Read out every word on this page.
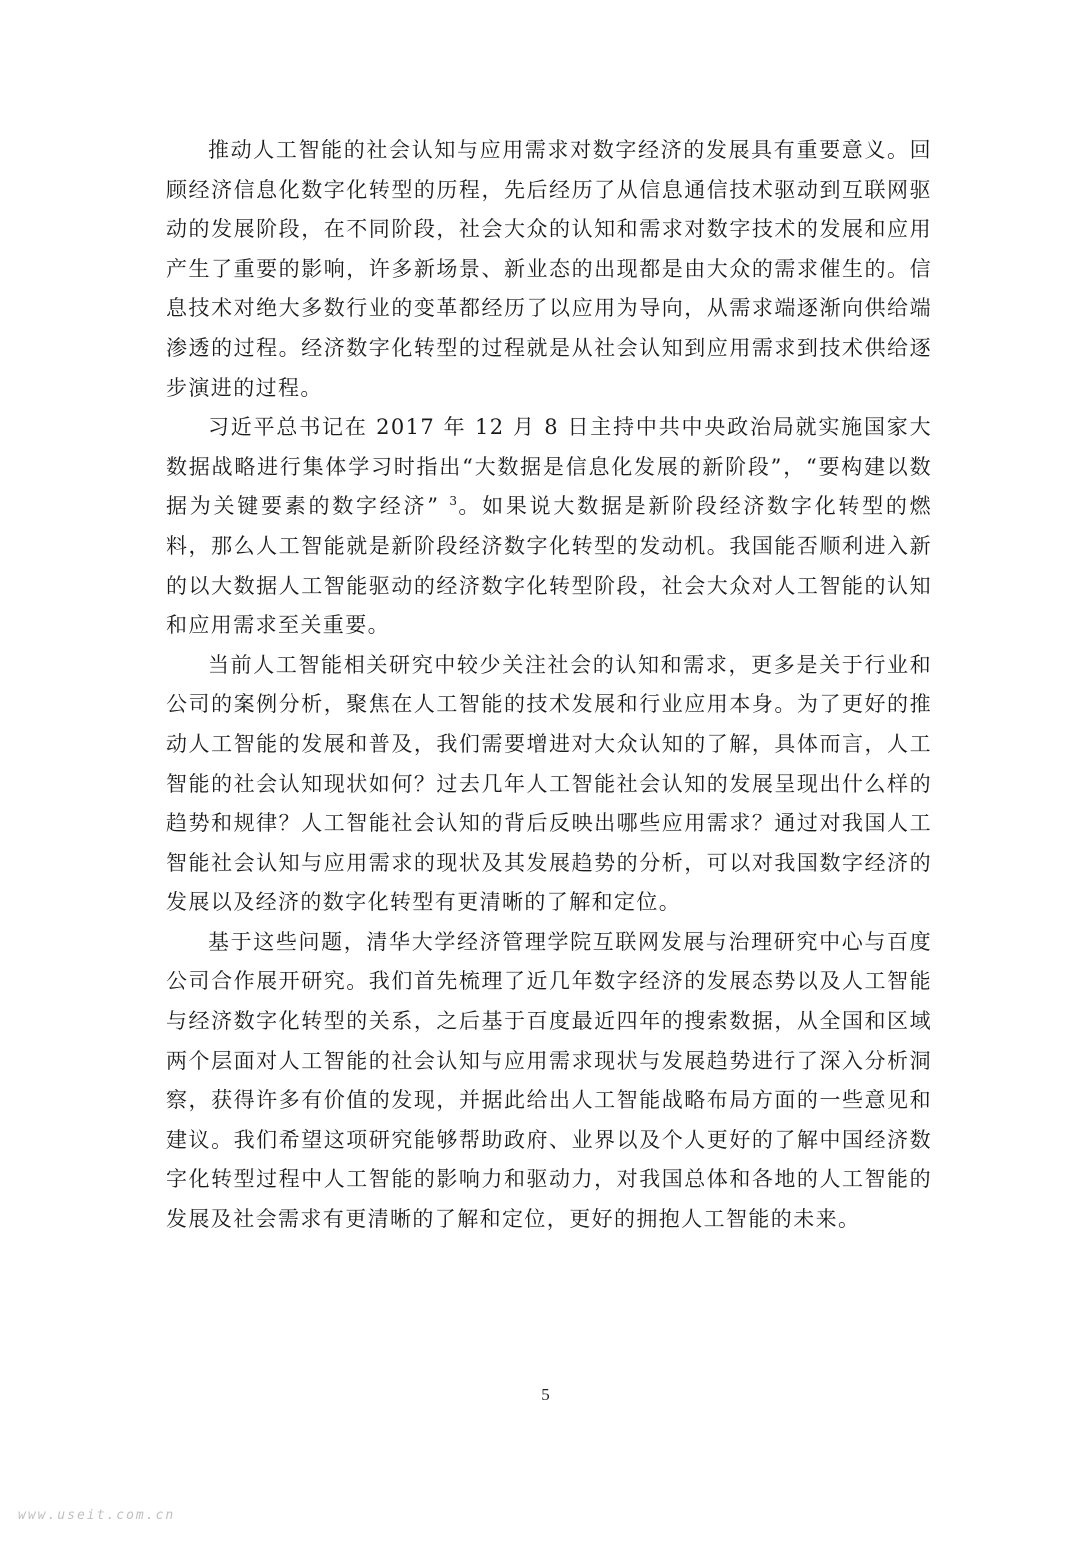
推动人工智能的社会认知与应用需求对数字经济的发展具有重要意义。回顾经济信息化数字化转型的历程，先后经历了从信息通信技术驱动到互联网驱动的发展阶段，在不同阶段，社会大众的认知和需求对数字技术的发展和应用产生了重要的影响，许多新场景、新业态的出现都是由大众的需求催生的。信息技术对绝大多数行业的变革都经历了以应用为导向，从需求端逐渐向供给端渗透的过程。经济数字化转型的过程就是从社会认知到应用需求到技术供给逐步演进的过程。

习近平总书记在 2017 年 12 月 8 日主持中共中央政治局就实施国家大数据战略进行集体学习时指出“大数据是信息化发展的新阶段”，“要构建以数据为关键要素的数字经济” $^3$。如果说大数据是新阶段经济数字化转型的燃料，那么人工智能就是新阶段经济数字化转型的发动机。我国能否顺利进入新的以大数据人工智能驱动的经济数字化转型阶段，社会大众对人工智能的认知和应用需求至关重要。

当前人工智能相关研究中较少关注社会的认知和需求，更多是关于行业和公司的案例分析，聚焦在人工智能的技术发展和行业应用本身。为了更好的推动人工智能的发展和普及，我们需要增进对大众认知的了解，具体而言，人工智能的社会认知现状如何？过去几年人工智能社会认知的发展呈现出什么样的趋势和规律？人工智能社会认知的背后反映出哪些应用需求？通过对我国人工智能社会认知与应用需求的现状及其发展趋势的分析，可以对我国数字经济的发展以及经济的数字化转型有更清晰的了解和定位。

基于这些问题，清华大学经济管理学院互联网发展与治理研究中心与百度公司合作展开研究。我们首先梳理了近几年数字经济的发展态势以及人工智能与经济数字化转型的关系，之后基于百度最近四年的搜索数据，从全国和区域两个层面对人工智能的社会认知与应用需求现状与发展趋势进行了深入分析洞察，获得许多有价值的发现，并据此给出人工智能战略布局方面的一些意见和建议。我们希望这项研究能够帮助政府、业界以及个人更好的了解中国经济数字化转型过程中人工智能的影响力和驱动力，对我国总体和各地的人工智能的发展及社会需求有更清晰的了解和定位，更好的拥抱人工智能的未来。

5
www.useit.com.cn
